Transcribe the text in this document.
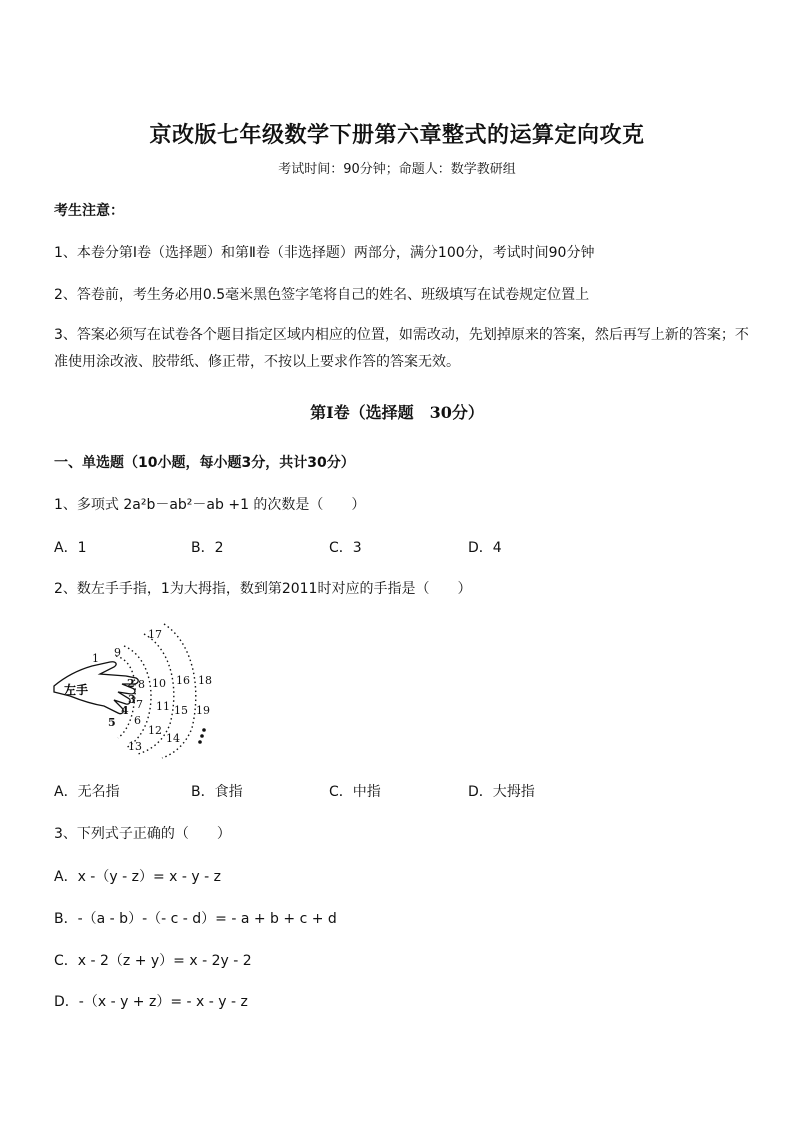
京改版七年级数学下册第六章整式的运算定向攻克
考试时间：90分钟；命题人：数学教研组
考生注意：
1、本卷分第Ⅰ卷（选择题）和第Ⅱ卷（非选择题）两部分，满分100分，考试时间90分钟
2、答卷前，考生务必用0.5毫米黑色签字笔将自己的姓名、班级填写在试卷规定位置上
3、答案必须写在试卷各个题目指定区域内相应的位置，如需改动，先划掉原来的答案，然后再写上新的答案；不准使用涂改液、胶带纸、修正带，不按以上要求作答的答案无效。
第Ⅰ卷（选择题　30分）
一、单选题（10小题，每小题3分，共计30分）
1、多项式 2a²b－ab²－ab +1 的次数是（　　）
A．1	B．2	C．3	D．4
2、数左手手指，1为大拇指，数到第2011时对应的手指是（　　）
左手
1
2
3
4
5 6
7
8
9
10
11
12
13
14
15
16
17
18
19
A．无名指	B．食指	C．中指	D．大拇指
3、下列式子正确的（　　）
A．x -（y - z）= x - y - z
B．-（a - b）-（- c - d）= - a + b + c + d
C．x - 2（z + y）= x - 2y - 2
D．-（x - y + z）= - x - y - z
